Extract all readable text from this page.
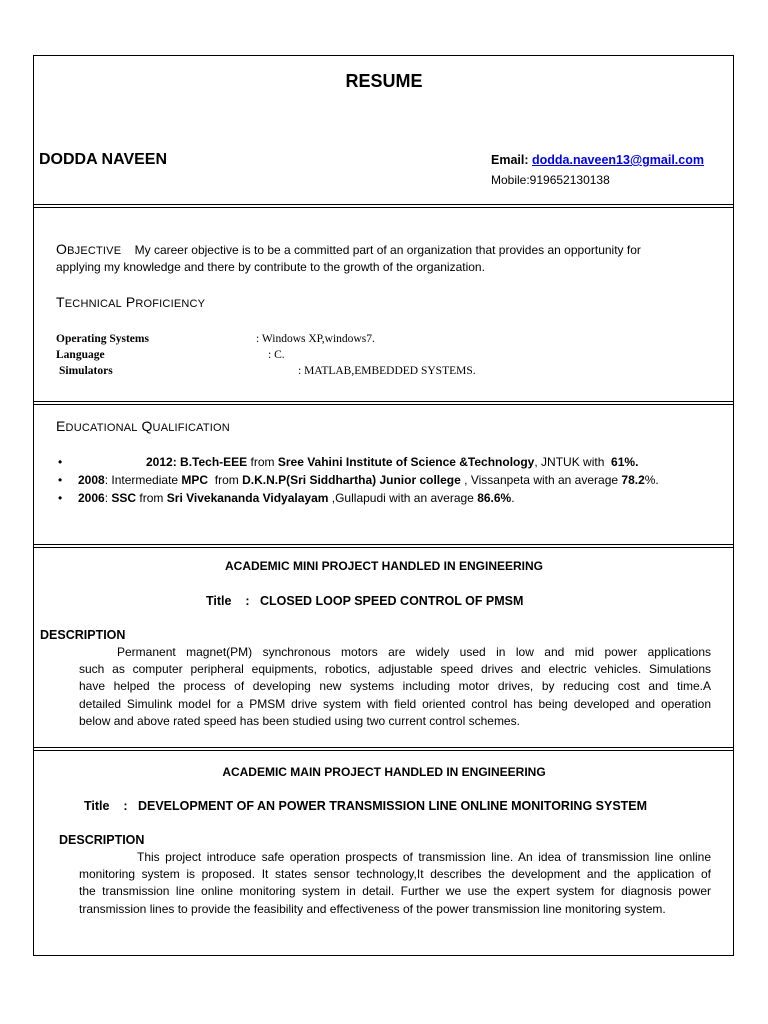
RESUME
DODDA NAVEEN	Email: dodda.naveen13@gmail.com
Mobile:919652130138
OBJECTIVE My career objective is to be a committed part of an organization that provides an opportunity for
applying my knowledge and there by contribute to the growth of the organization.
TECHNICAL PROFICIENCY
Operating Systems	: Windows XP,windows7.
Language	: C.
Simulators	: MATLAB,EMBEDDED SYSTEMS.
EDUCATIONAL QUALIFICATION
•	2012: B.Tech-EEE from Sree Vahini Institute of Science &Technology, JNTUK with 61%.
• 2008: Intermediate MPC from D.K.N.P(Sri Siddhartha) Junior college , Vissanpeta with an average 78.2%.
• 2006: SSC from Sri Vivekananda Vidyalayam ,Gullapudi with an average 86.6%.
ACADEMIC MINI PROJECT HANDLED IN ENGINEERING
Title : CLOSED LOOP SPEED CONTROL OF PMSM
DESCRIPTION
Permanent magnet(PM) synchronous motors are widely used in low and mid power applications
such as computer peripheral equipments, robotics, adjustable speed drives and electric vehicles. Simulations
have helped the process of developing new systems including motor drives, by reducing cost and time.A
detailed Simulink model for a PMSM drive system with field oriented control has being developed and operation
below and above rated speed has been studied using two current control schemes.
ACADEMIC MAIN PROJECT HANDLED IN ENGINEERING
Title : DEVELOPMENT OF AN POWER TRANSMISSION LINE ONLINE MONITORING SYSTEM
DESCRIPTION
This project introduce safe operation prospects of transmission line. An idea of transmission line online
monitoring system is proposed. It states sensor technology,It describes the development and the application of
the transmission line online monitoring system in detail. Further we use the expert system for diagnosis power
transmission lines to provide the feasibility and effectiveness of the power transmission line monitoring system.
